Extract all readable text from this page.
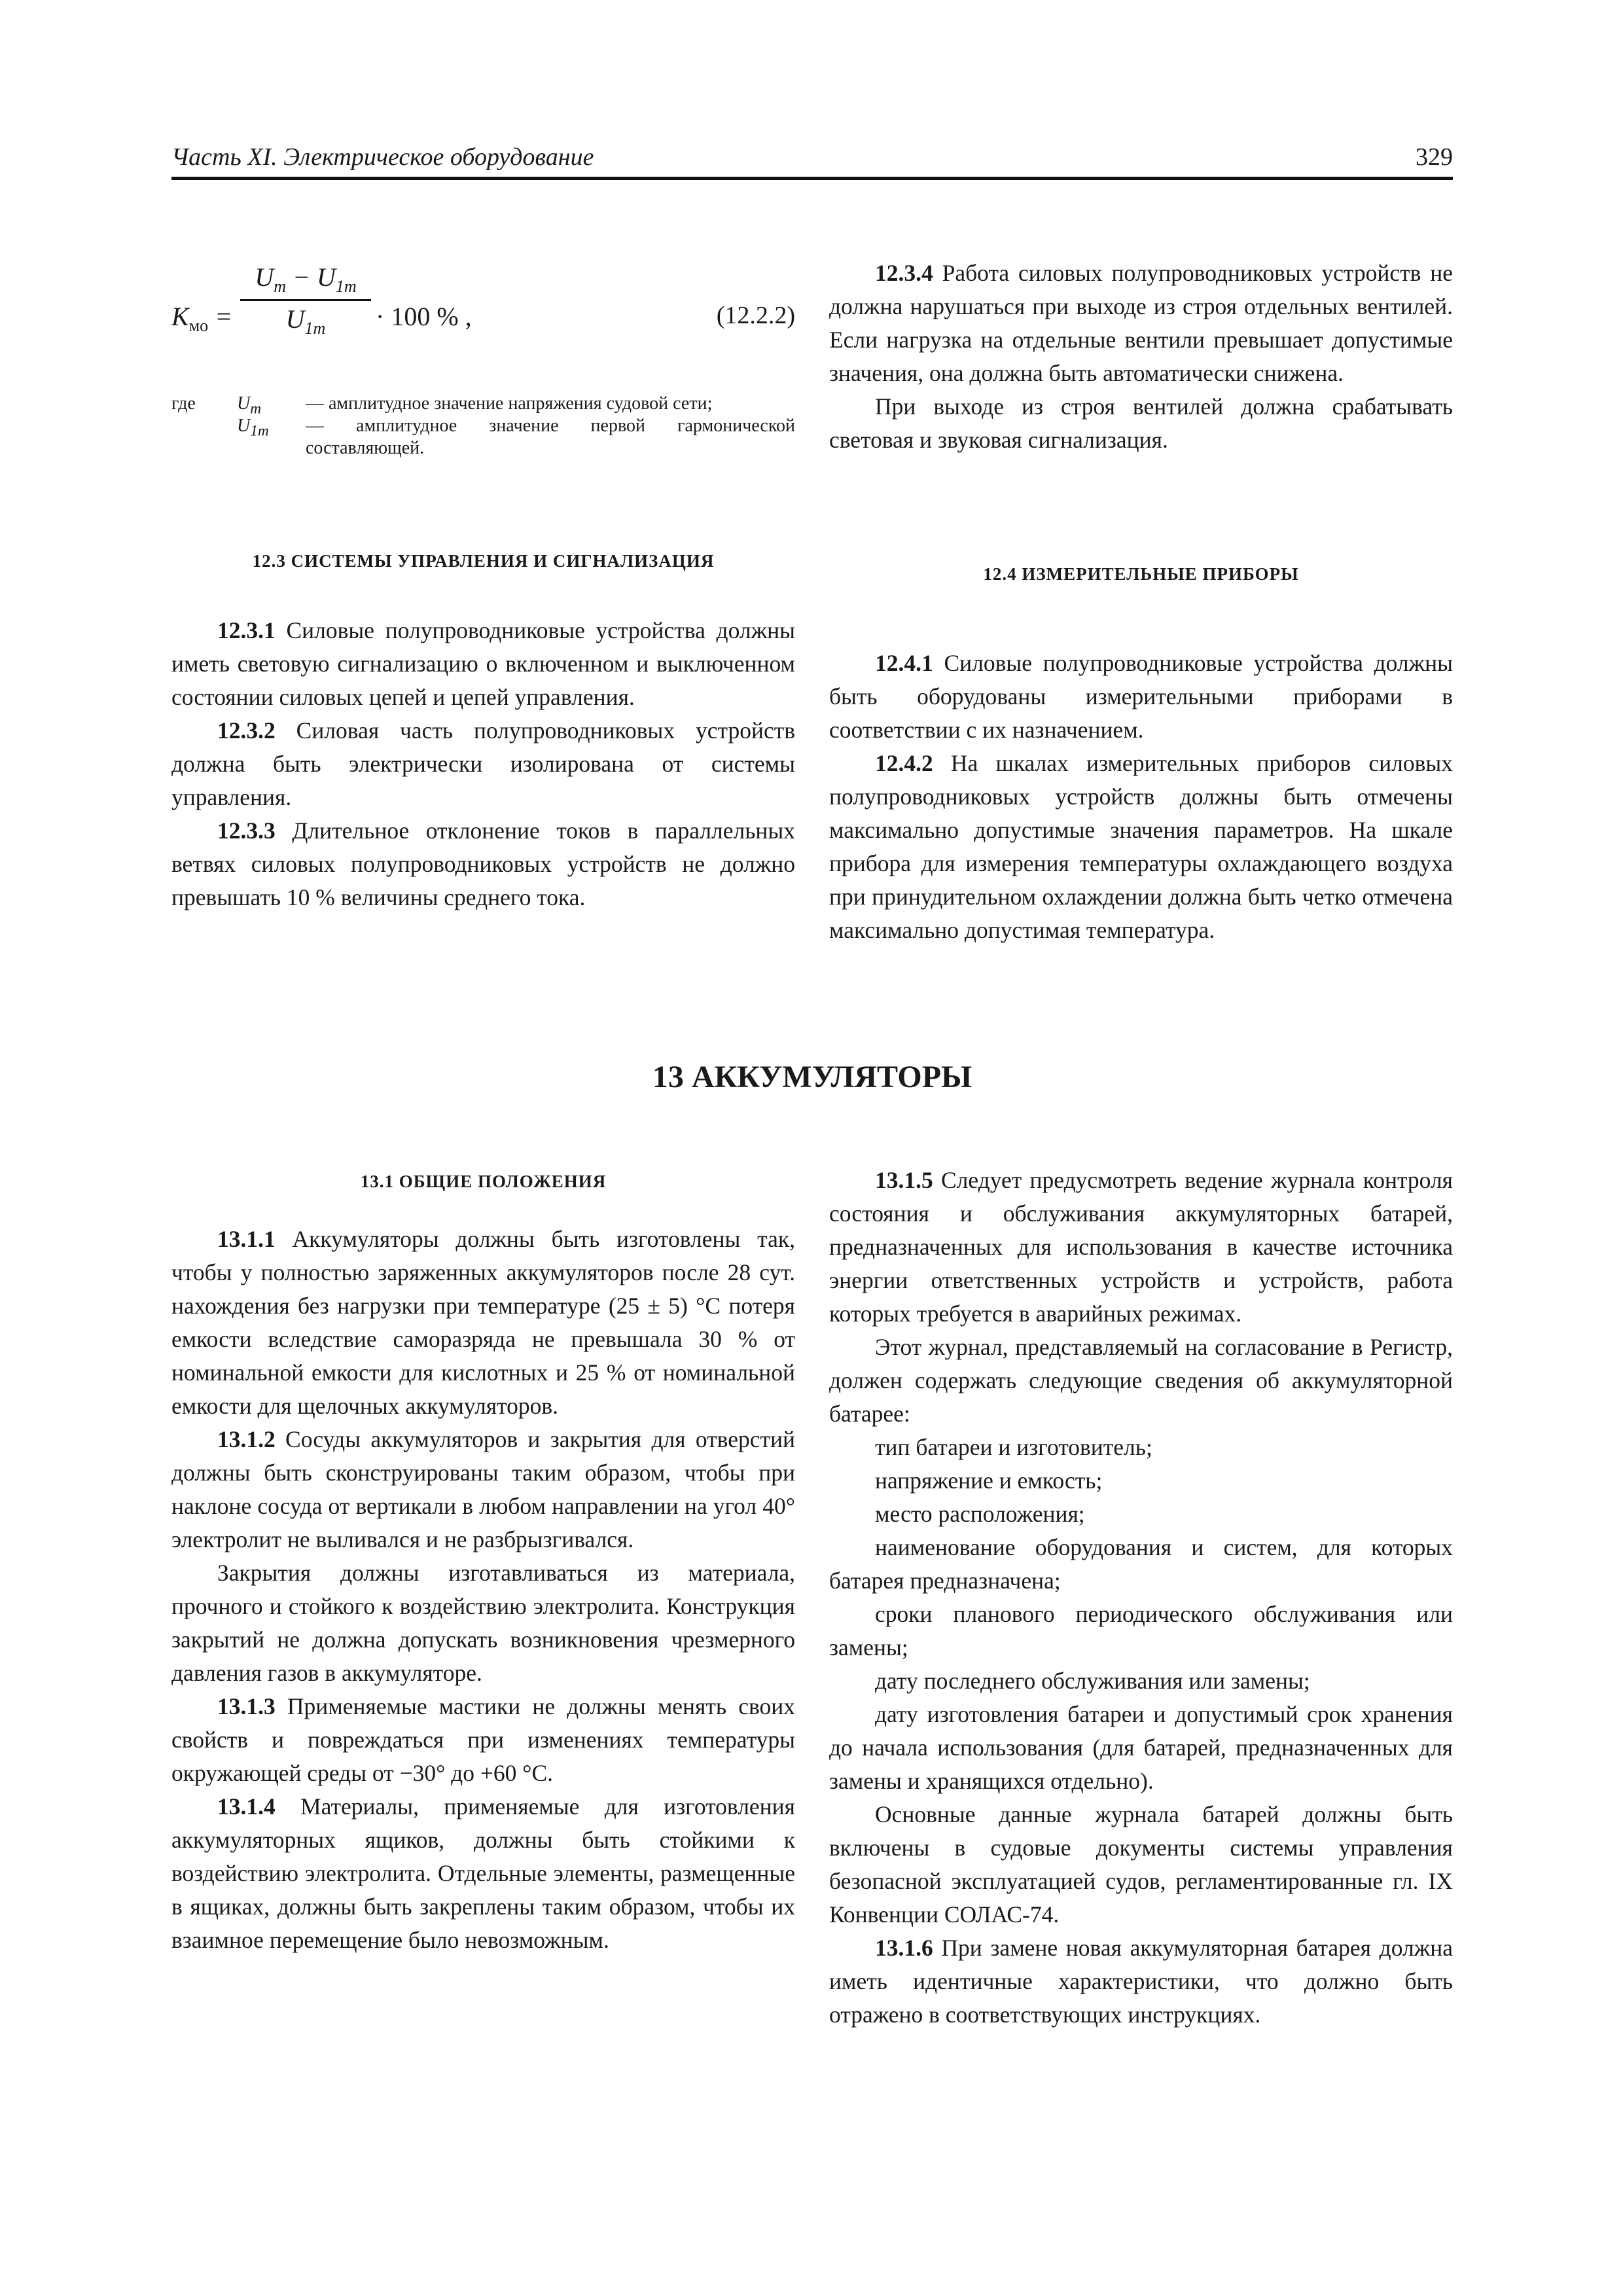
Часть XI. Электрическое оборудование	329
$K_{мо} = \frac{U_m - U_{1m}}{U_{1m}} \cdot 100$ % ,	(12.2.2)
где $U_m$ — амплитудное значение напряжения судовой сети;
$U_{1m}$ — амплитудное значение первой гармонической составляющей.
12.3 СИСТЕМЫ УПРАВЛЕНИЯ И СИГНАЛИЗАЦИЯ

12.3.1 Силовые полупроводниковые устройства должны иметь световую сигнализацию о включенном и выключенном состоянии силовых цепей и цепей управления.

12.3.2 Силовая часть полупроводниковых устройств должна быть электрически изолирована от системы управления.

12.3.3 Длительное отклонение токов в параллельных ветвях силовых полупроводниковых устройств не должно превышать 10 % величины среднего тока.

12.3.4 Работа силовых полупроводниковых устройств не должна нарушаться при выходе из строя отдельных вентилей. Если нагрузка на отдельные вентили превышает допустимые значения, она должна быть автоматически снижена.

При выходе из строя вентилей должна срабатывать световая и звуковая сигнализация.

12.4 ИЗМЕРИТЕЛЬНЫЕ ПРИБОРЫ

12.4.1 Силовые полупроводниковые устройства должны быть оборудованы измерительными приборами в соответствии с их назначением.

12.4.2 На шкалах измерительных приборов силовых полупроводниковых устройств должны быть отмечены максимально допустимые значения параметров. На шкале прибора для измерения температуры охлаждающего воздуха при принудительном охлаждении должна быть четко отмечена максимально допустимая температура.

13 АККУМУЛЯТОРЫ
13.1 ОБЩИЕ ПОЛОЖЕНИЯ

13.1.1 Аккумуляторы должны быть изготовлены так, чтобы у полностью заряженных аккумуляторов после 28 сут. нахождения без нагрузки при температуре (25 ± 5) °С потеря емкости вследствие саморазряда не превышала 30 % от номинальной емкости для кислотных и 25 % от номинальной емкости для щелочных аккумуляторов.

13.1.2 Сосуды аккумуляторов и закрытия для отверстий должны быть сконструированы таким образом, чтобы при наклоне сосуда от вертикали в любом направлении на угол 40° электролит не выливался и не разбрызгивался.

Закрытия должны изготавливаться из материала, прочного и стойкого к воздействию электролита. Конструкция закрытий не должна допускать возникновения чрезмерного давления газов в аккумуляторе.

13.1.3 Применяемые мастики не должны менять своих свойств и повреждаться при изменениях температуры окружающей среды от −30° до +60 °С.

13.1.4 Материалы, применяемые для изготовления аккумуляторных ящиков, должны быть стойкими к воздействию электролита. Отдельные элементы, размещенные в ящиках, должны быть закреплены таким образом, чтобы их взаимное перемещение было невозможным.

13.1.5 Следует предусмотреть ведение журнала контроля состояния и обслуживания аккумуляторных батарей, предназначенных для использования в качестве источника энергии ответственных устройств и устройств, работа которых требуется в аварийных режимах.

Этот журнал, представляемый на согласование в Регистр, должен содержать следующие сведения об аккумуляторной батарее:

тип батареи и изготовитель;

напряжение и емкость;

место расположения;

наименование оборудования и систем, для которых батарея предназначена;

сроки планового периодического обслуживания или замены;

дату последнего обслуживания или замены;

дату изготовления батареи и допустимый срок хранения до начала использования (для батарей, предназначенных для замены и хранящихся отдельно).

Основные данные журнала батарей должны быть включены в судовые документы системы управления безопасной эксплуатацией судов, регламентированные гл. IX Конвенции СОЛАС-74.

13.1.6 При замене новая аккумуляторная батарея должна иметь идентичные характеристики, что должно быть отражено в соответствующих инструкциях.
